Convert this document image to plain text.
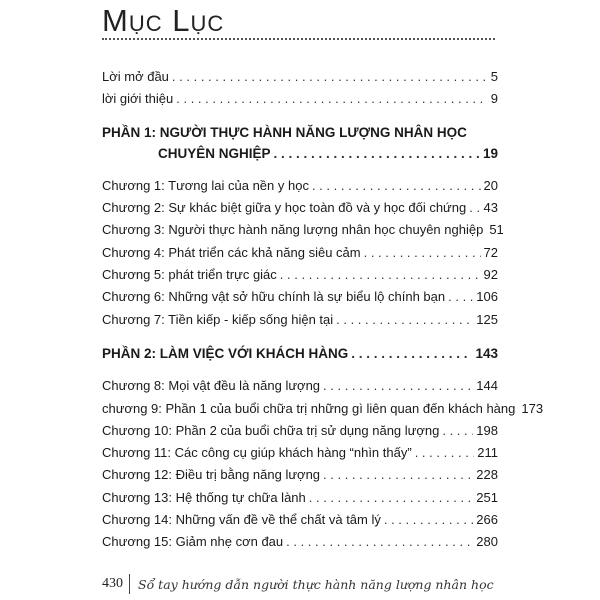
Mục Lục
Lời mở đầu . . .	5
lời giới thiệu . . .	9
PHẦN 1: NGƯỜI THỰC HÀNH NĂNG LƯỢNG NHÂN HỌC
CHUYÊN NGHIỆP . . .	19
Chương 1: Tương lai của nền y học . . .	20
Chương 2: Sự khác biệt giữa y học toàn đồ và y học đối chứng . . . 43
Chương 3: Người thực hành năng lượng nhân học chuyên nghiệp 51
Chương 4: Phát triển các khả năng siêu cảm . . .	72
Chương 5: phát triển trực giác . . .	92
Chương 6: Những vật sở hữu chính là sự biểu lộ chính bạn . . . 106
Chương 7: Tiền kiếp - kiếp sống hiện tại . . .	125
PHẦN 2: LÀM VIỆC VỚI KHÁCH HÀNG . . .	143
Chương 8: Mọi vật đều là năng lượng . . .	144
chương 9: Phần 1 của buổi chữa trị những gì liên quan đến khách hàng 173
Chương 10: Phần 2 của buổi chữa trị sử dụng năng lượng . . .	198
Chương 11: Các công cụ giúp khách hàng “nhìn thấy” . . .	211
Chương 12: Điều trị bằng năng lượng . . .	228
Chương 13: Hệ thống tự chữa lành . . .	251
Chương 14: Những vấn đề về thể chất và tâm lý . . .	266
Chương 15: Giảm nhẹ cơn đau . . .	280
430	Sổ tay hướng dẫn người thực hành năng lượng nhân học
